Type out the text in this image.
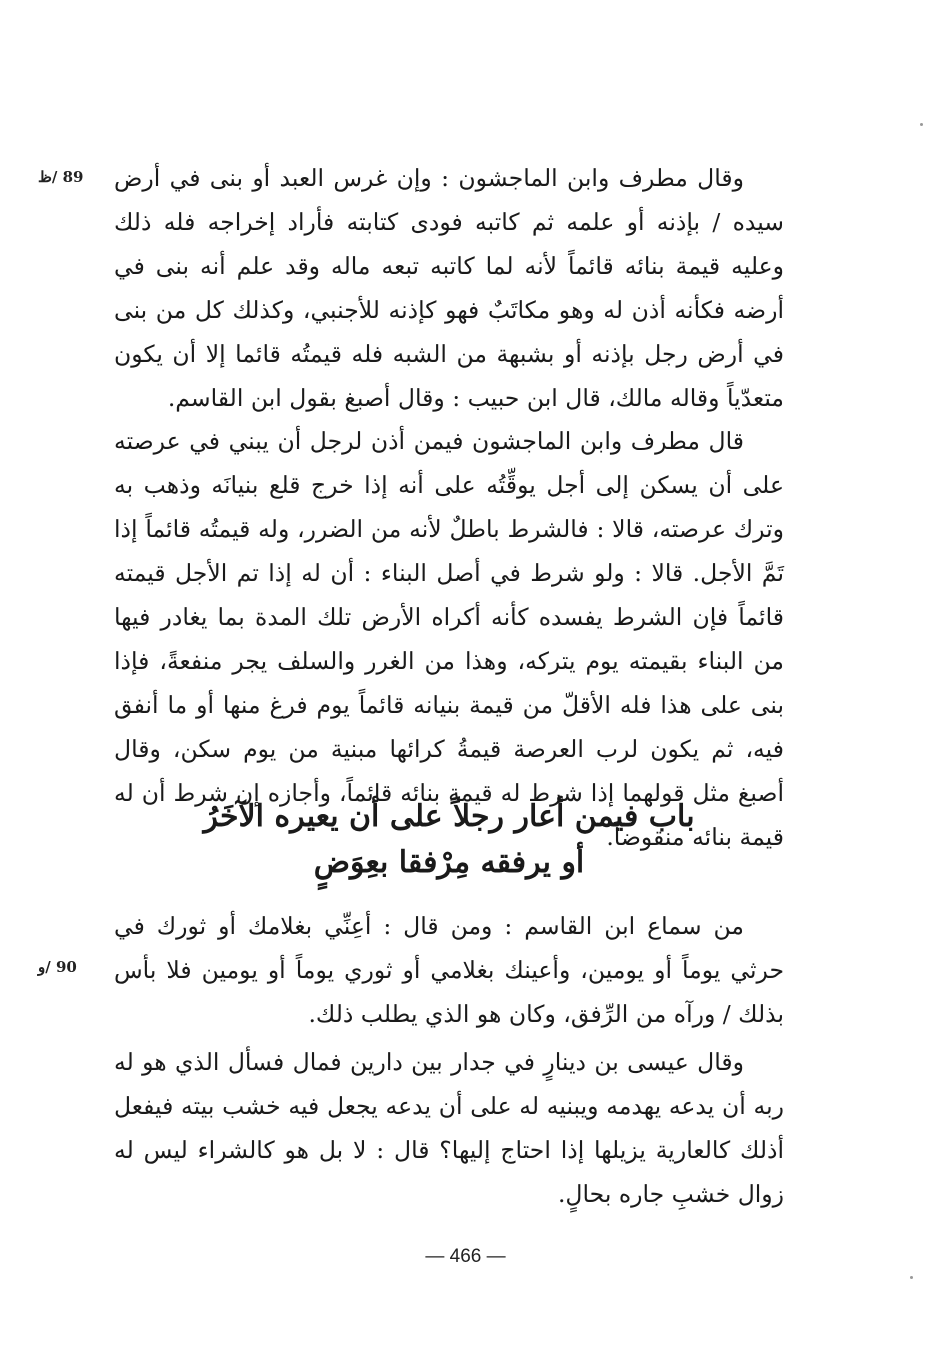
89 /ظ وقال مطرف وابن الماجشون : وإن غرس العبد أو بنى في أرض سيده / بإذنه أو علمه ثم كاتبه فودى كتابته فأراد إخراجه فله ذلك وعليه قيمة بنائه قائماً لأنه لما كاتبه تبعه ماله وقد علم أنه بنى في أرضه فكأنه أذن له وهو مكاتَبٌ فهو كإذنه للأجنبي، وكذلك كل من بنى في أرض رجل بإذنه أو بشبهة من الشبه فله قيمتُه قائما إلا أن يكون متعدّياً وقاله مالك، قال ابن حبيب : وقال أصبغ بقول ابن القاسم.

قال مطرف وابن الماجشون فيمن أذن لرجل أن يبني في عرصته على أن يسكن إلى أجل يوقِّتُه على أنه إذا خرج قلع بنيانَه وذهب به وترك عرصته، قالا : فالشرط باطلٌ لأنه من الضرر، وله قيمتُه قائماً إذا تَمَّ الأجل. قالا : ولو شرط في أصل البناء : أن له إذا تم الأجل قيمته قائماً فإن الشرط يفسده كأنه أكراه الأرض تلك المدة بما يغادر فيها من البناء بقيمته يوم يتركه، وهذا من الغرر والسلف يجر منفعةً، فإذا بنى على هذا فله الأقلّ من قيمة بنيانه قائماً يوم فرغ منها أو ما أنفق فيه، ثم يكون لرب العرصة قيمةُ كرائها مبنية من يوم سكن، وقال أصبغ مثل قولهما إذا شرط له قيمة بنائه قائماً، وأجازه إن شرط أن له قيمة بنائه منقوضاً.

باب فيمن أعار رجلاً على أن يعيره الآخَرُ
أو يرفقه مِرْفقا بعِوَضٍ

من سماع ابن القاسم : ومن قال : أعِنِّي بغلامك أو ثورك في حرثي يوماً أو يومين، وأعينك بغلامي أو ثوري يوماً أو يومين فلا بأس بذلك / ورآه من الرِّفق، وكان هو الذي يطلب ذلك.

90 /و

وقال عيسى بن دينارٍ في جدار بين دارين فمال فسأل الذي هو له ربه أن يدعه يهدمه ويبنيه له على أن يدعه يجعل فيه خشب بيته فيفعل أذلك كالعارية يزيلها إذا احتاج إليها؟ قال : لا بل هو كالشراء ليس له زوال خشبِ جاره بحالٍ.

— 466 —
